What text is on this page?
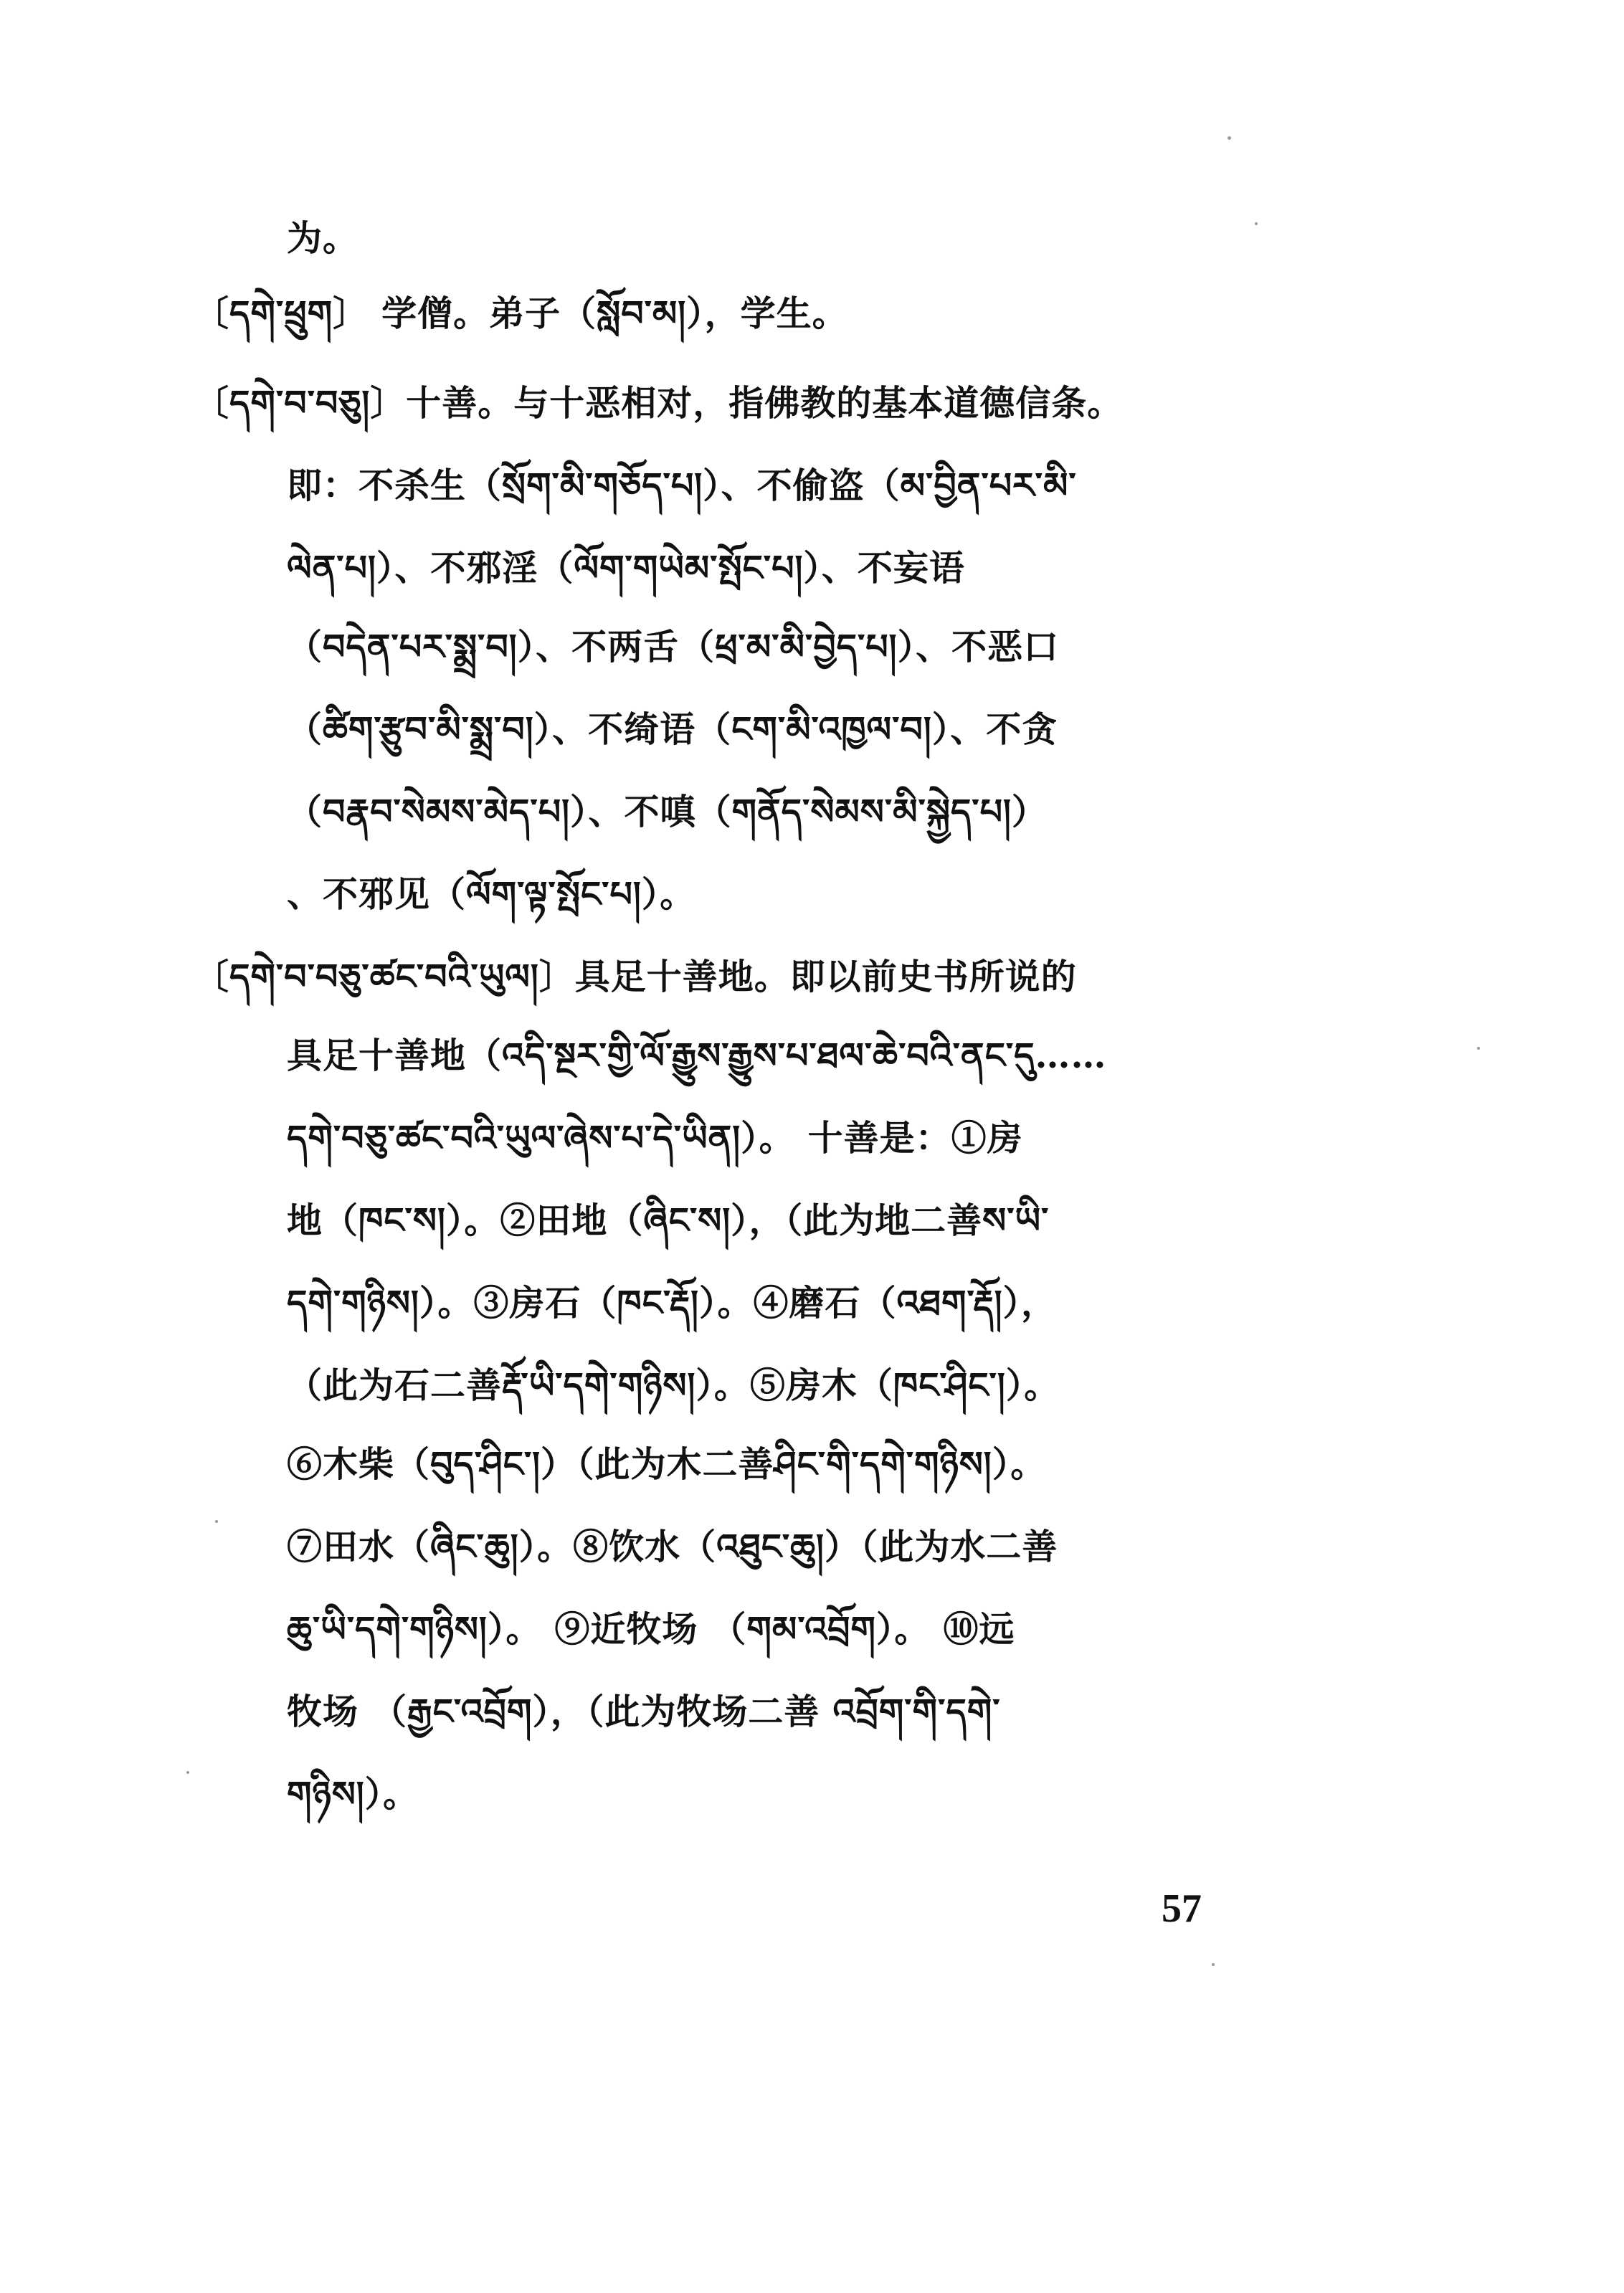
为。
〔དགེ་ཕྲུག〕 学僧。弟子（སློབ་མ།），学生。
〔དགེ་བ་བཅུ།〕十善。与十恶相对，指佛教的基本道德信条。
即：不杀生（སྲོག་མི་གཅོད་པ།）、不偷盗（མ་བྱིན་པར་མི་
ལེན་པ།）、不邪淫（ལོག་གཡེམ་སྤོང་པ།）、不妄语
（བདེན་པར་སྨྲ་བ།）、不两舌（ཕྲ་མ་མི་བྱེད་པ།）、不恶口
（ཚིག་རྩུབ་མི་སྨྲ་བ།）、不绮语（ངག་མི་འཁྱལ་བ།）、不贪
（བརྣབ་སེམས་མེད་པ།）、不嗔（གནོད་སེམས་མི་སྐྱེད་པ།）
、不邪见（ལོག་ལྟ་སྤོང་པ།）。
〔དགེ་བ་བཅུ་ཚང་བའི་ཡུལ།〕具足十善地。即以前史书所说的
具足十善地（འདི་སྔར་གྱི་ལོ་རྒྱུས་རྒྱུས་པ་ཐལ་ཆེ་བའི་ནང་དུ……
དགེ་བཅུ་ཚང་བའི་ཡུལ་ཞེས་པ་དེ་ཡིན།）。 十善是：①房
地（ཁང་ས།）。②田地（ཞིང་ས།），（此为地二善ས་ཡི་
དགེ་གཉིས།）。③房石（ཁང་རྡོ།）。④磨石（འཐག་རྡོ།），
（此为石二善རྡོ་ཡི་དགེ་གཉིས།）。⑤房木（ཁང་ཤིང་།）。
⑥木柴（བུད་ཤིང་།）（此为木二善ཤིང་གི་དགེ་གཉིས།）。
⑦田水（ཞིང་ཆུ།）。⑧饮水（འཐུང་ཆུ།）（此为水二善
ཆུ་ཡི་དགེ་གཉིས།）。 ⑨近牧场 （གམ་འབྲོག）。 ⑩远
牧场 （རྒྱང་འབྲོག），（此为牧场二善 འབྲོག་གི་དགེ་
གཉིས།）。
57
